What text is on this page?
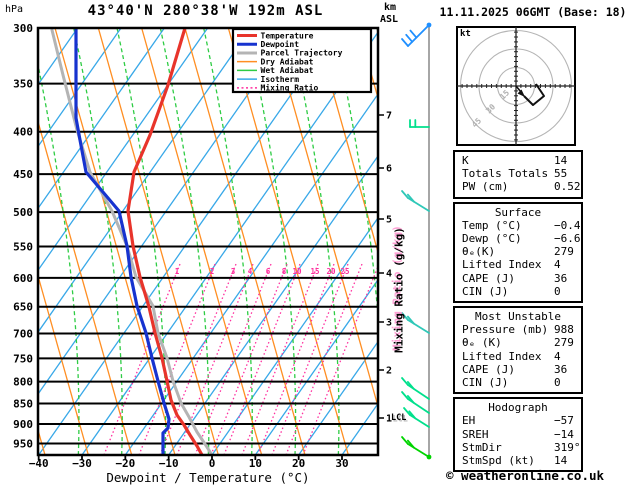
1	2 3 4 6 8 10 15 20 25
300
350
400
450
500
550
600
650
700
750
800
850
900
950
−40 −30 −20 −10	0	10	20	30
7
6
5
4
3
2
1
15
30
45
Temperature
Dewpoint
Parcel Trajectory
Dry Adiabat
Wet Adiabat
Isotherm
Mixing Ratio
hPa	43°40'N 280°38'W 192m ASL	km
ASL
11.11.2025 06GMT (Base: 18)
kt
Mixing Ratio (g/kg)
LCL
Dewpoint / Temperature (°C)
K	14
Totals Totals 55
PW (cm)	0.52
Surface
Temp (°C)	−0.4
Dewp (°C)	−6.6
θₑ(K)	279
Lifted Index 4
CAPE (J)	36
CIN (J)	0
Most Unstable
Pressure (mb) 988
θₑ (K)	279
Lifted Index 4
CAPE (J)	36
CIN (J)	0
Hodograph
EH	−57
SREH	−14
StmDir	319°
StmSpd (kt) 14
© weatheronline.co.uk
